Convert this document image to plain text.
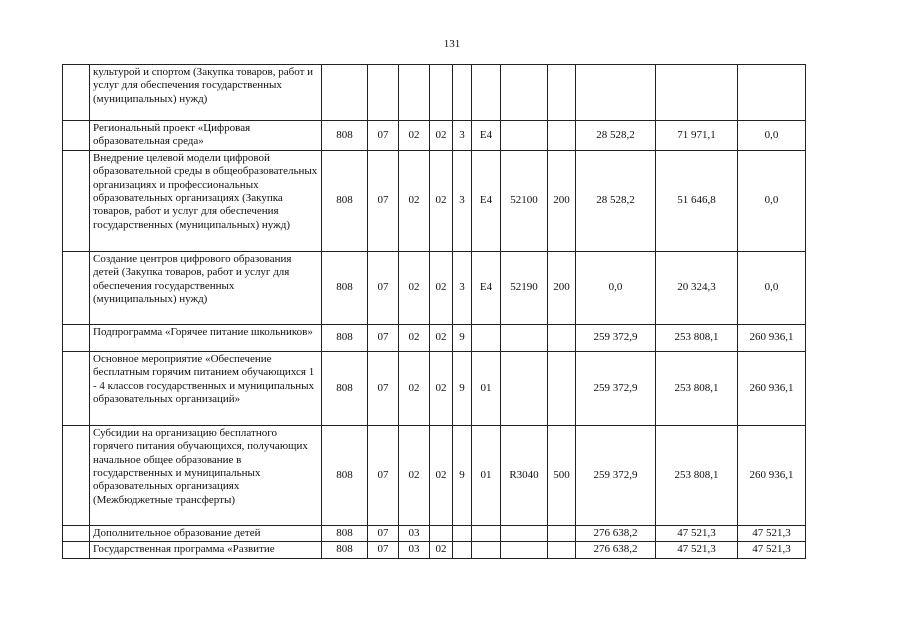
131
	культурой и спортом (Закупка товаров, работ и услуг для обеспечения государственных (муниципальных) нужд)											
	Региональный проект «Цифровая образовательная среда»	808	07	02	02	3	E4			28 528,2	71 971,1	0,0
	Внедрение целевой модели цифровой образовательной среды в общеобразовательных организациях и профессиональных образовательных организациях (Закупка товаров, работ и услуг для обеспечения государственных (муниципальных) нужд)	808	07	02	02	3	E4	52100	200	28 528,2	51 646,8	0,0
	Создание центров цифрового образования детей (Закупка товаров, работ и услуг для обеспечения государственных (муниципальных) нужд)	808	07	02	02	3	E4	52190	200	0,0	20 324,3	0,0
	Подпрограмма «Горячее питание школьников»	808	07	02	02	9				259 372,9	253 808,1	260 936,1
	Основное мероприятие «Обеспечение бесплатным горячим питанием обучающихся 1 - 4 классов государственных и муниципальных образовательных организаций»	808	07	02	02	9	01			259 372,9	253 808,1	260 936,1
	Субсидии на организацию бесплатного горячего питания обучающихся, получающих начальное общее образование в государственных и муниципальных образовательных организациях (Межбюджетные трансферты)	808	07	02	02	9	01	R3040	500	259 372,9	253 808,1	260 936,1
	Дополнительное образование детей	808	07	03						276 638,2	47 521,3	47 521,3
	Государственная программа «Развитие	808	07	03	02					276 638,2	47 521,3	47 521,3
